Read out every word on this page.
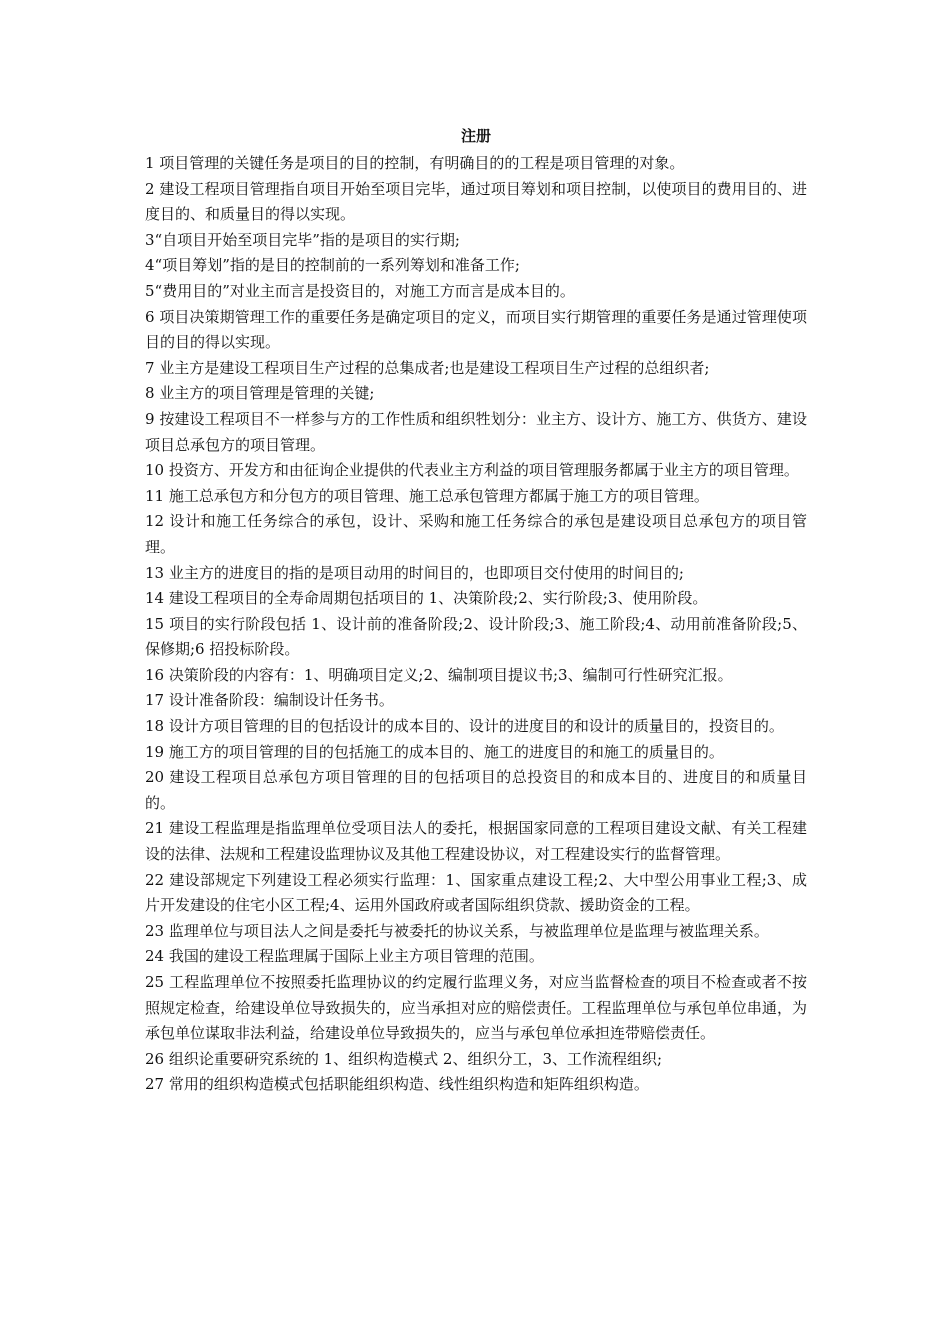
注册

1 项目管理的关键任务是项目的目的控制，有明确目的的工程是项目管理的对象。

2 建设工程项目管理指自项目开始至项目完毕，通过项目筹划和项目控制，以使项目的费用目的、进度目的、和质量目的得以实现。

3“自项目开始至项目完毕”指的是项目的实行期;

4“项目筹划”指的是目的控制前的一系列筹划和准备工作;

5“费用目的”对业主而言是投资目的，对施工方而言是成本目的。

6 项目决策期管理工作的重要任务是确定项目的定义，而项目实行期管理的重要任务是通过管理使项目的目的得以实现。

7 业主方是建设工程项目生产过程的总集成者;也是建设工程项目生产过程的总组织者;

8 业主方的项目管理是管理的关键;

9 按建设工程项目不一样参与方的工作性质和组织牲划分：业主方、设计方、施工方、供货方、建设项目总承包方的项目管理。

10 投资方、开发方和由征询企业提供的代表业主方利益的项目管理服务都属于业主方的项目管理。

11 施工总承包方和分包方的项目管理、施工总承包管理方都属于施工方的项目管理。

12 设计和施工任务综合的承包，设计、采购和施工任务综合的承包是建设项目总承包方的项目管理。

13 业主方的进度目的指的是项目动用的时间目的，也即项目交付使用的时间目的;

14 建设工程项目的全寿命周期包括项目的 1、决策阶段;2、实行阶段;3、使用阶段。

15 项目的实行阶段包括 1、设计前的准备阶段;2、设计阶段;3、施工阶段;4、动用前准备阶段;5、保修期;6 招投标阶段。

16 决策阶段的内容有：1、明确项目定义;2、编制项目提议书;3、编制可行性研究汇报。

17 设计准备阶段：编制设计任务书。

18 设计方项目管理的目的包括设计的成本目的、设计的进度目的和设计的质量目的，投资目的。

19 施工方的项目管理的目的包括施工的成本目的、施工的进度目的和施工的质量目的。

20 建设工程项目总承包方项目管理的目的包括项目的总投资目的和成本目的、进度目的和质量目的。

21 建设工程监理是指监理单位受项目法人的委托，根据国家同意的工程项目建设文献、有关工程建设的法律、法规和工程建设监理协议及其他工程建设协议，对工程建设实行的监督管理。

22 建设部规定下列建设工程必须实行监理：1、国家重点建设工程;2、大中型公用事业工程;3、成片开发建设的住宅小区工程;4、运用外国政府或者国际组织贷款、援助资金的工程。

23 监理单位与项目法人之间是委托与被委托的协议关系，与被监理单位是监理与被监理关系。

24 我国的建设工程监理属于国际上业主方项目管理的范围。

25 工程监理单位不按照委托监理协议的约定履行监理义务，对应当监督检查的项目不检查或者不按照规定检查，给建设单位导致损失的，应当承担对应的赔偿责任。工程监理单位与承包单位串通，为承包单位谋取非法利益，给建设单位导致损失的，应当与承包单位承担连带赔偿责任。

26 组织论重要研究系统的 1、组织构造模式 2、组织分工，3、工作流程组织;

27 常用的组织构造模式包括职能组织构造、线性组织构造和矩阵组织构造。
